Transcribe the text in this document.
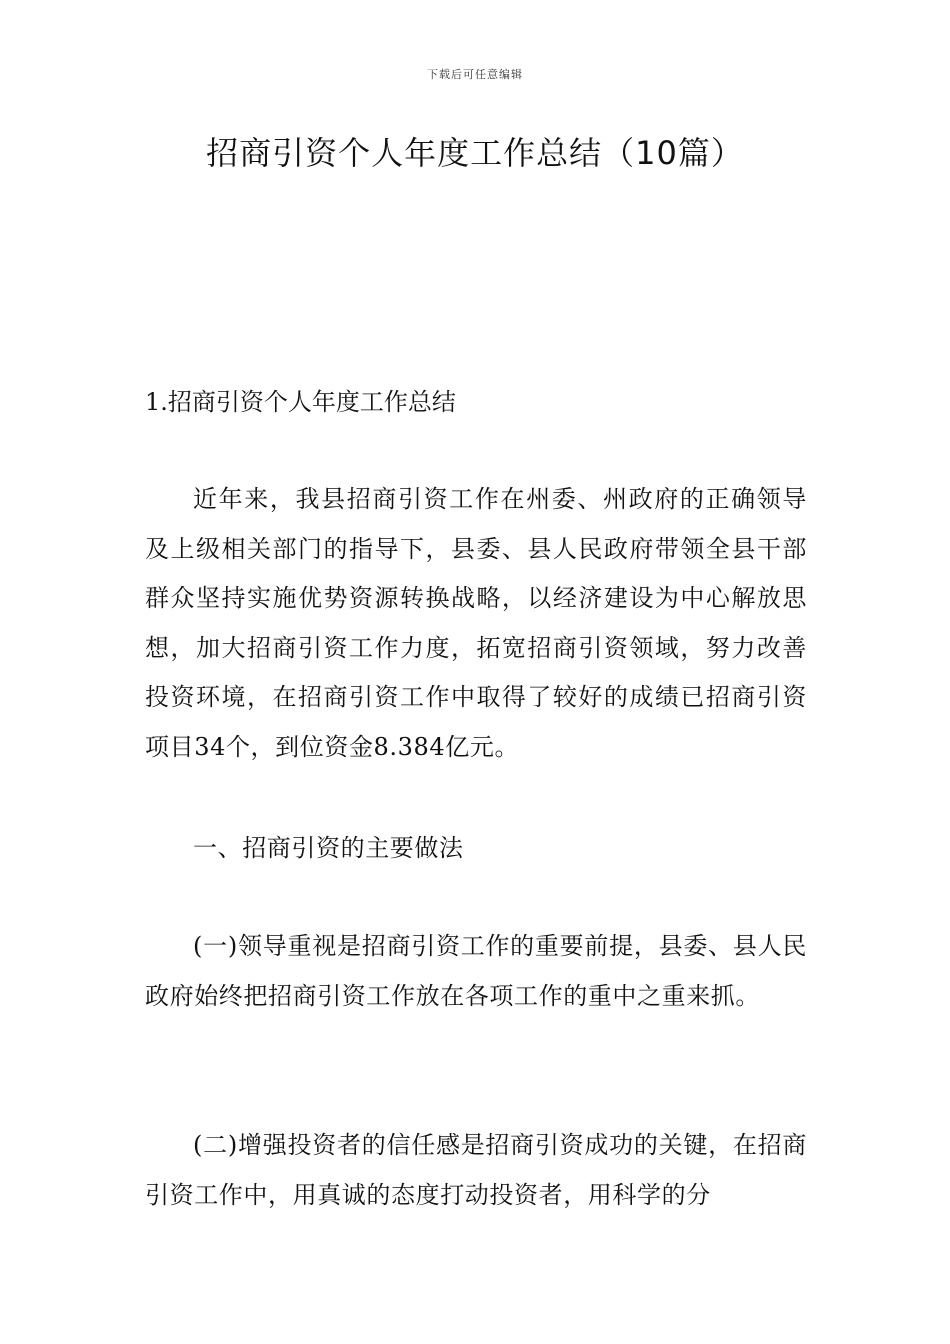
下载后可任意编辑
招商引资个人年度工作总结（10篇）
1.招商引资个人年度工作总结

近年来，我县招商引资工作在州委、州政府的正确领导及上级相关部门的指导下，县委、县人民政府带领全县干部群众坚持实施优势资源转换战略，以经济建设为中心解放思想，加大招商引资工作力度，拓宽招商引资领域，努力改善投资环境，在招商引资工作中取得了较好的成绩已招商引资项目34个，到位资金8.384亿元。

一、招商引资的主要做法

(一)领导重视是招商引资工作的重要前提，县委、县人民政府始终把招商引资工作放在各项工作的重中之重来抓。

(二)增强投资者的信任感是招商引资成功的关键，在招商引资工作中，用真诚的态度打动投资者，用科学的分
